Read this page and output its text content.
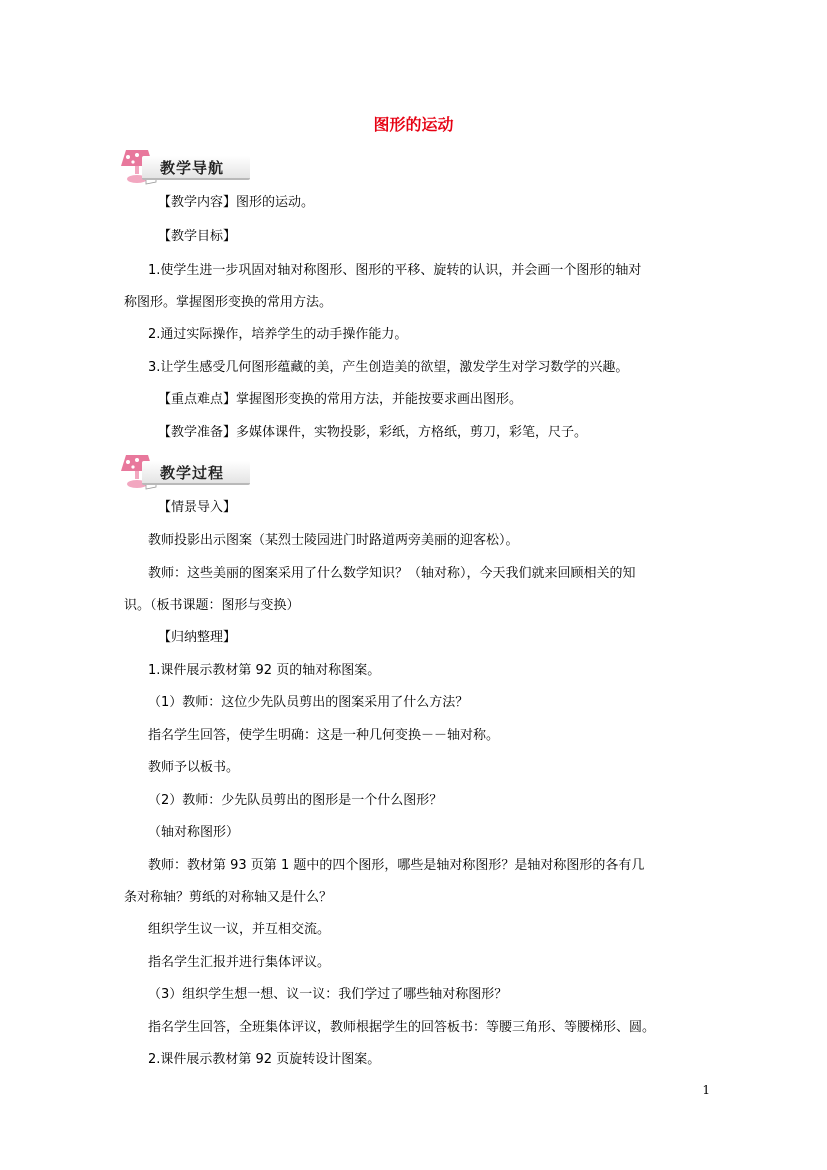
图形的运动
教学导航
教学过程
【教学内容】图形的运动。
【教学目标】
1.使学生进一步巩固对轴对称图形、图形的平移、旋转的认识，并会画一个图形的轴对
称图形。掌握图形变换的常用方法。
2.通过实际操作，培养学生的动手操作能力。
3.让学生感受几何图形蕴藏的美，产生创造美的欲望，激发学生对学习数学的兴趣。
【重点难点】掌握图形变换的常用方法，并能按要求画出图形。
【教学准备】多媒体课件，实物投影，彩纸，方格纸，剪刀，彩笔，尺子。
【情景导入】
教师投影出示图案（某烈士陵园进门时路道两旁美丽的迎客松）。
教师：这些美丽的图案采用了什么数学知识？（轴对称），今天我们就来回顾相关的知
识。（板书课题：图形与变换）
【归纳整理】
1.课件展示教材第 92 页的轴对称图案。
（1）教师：这位少先队员剪出的图案采用了什么方法？
指名学生回答，使学生明确：这是一种几何变换－－轴对称。
教师予以板书。
（2）教师：少先队员剪出的图形是一个什么图形？
（轴对称图形）
教师：教材第 93 页第 1 题中的四个图形，哪些是轴对称图形？是轴对称图形的各有几
条对称轴？剪纸的对称轴又是什么？
组织学生议一议，并互相交流。
指名学生汇报并进行集体评议。
（3）组织学生想一想、议一议：我们学过了哪些轴对称图形？
指名学生回答，全班集体评议，教师根据学生的回答板书：等腰三角形、等腰梯形、圆。
2.课件展示教材第 92 页旋转设计图案。
1
